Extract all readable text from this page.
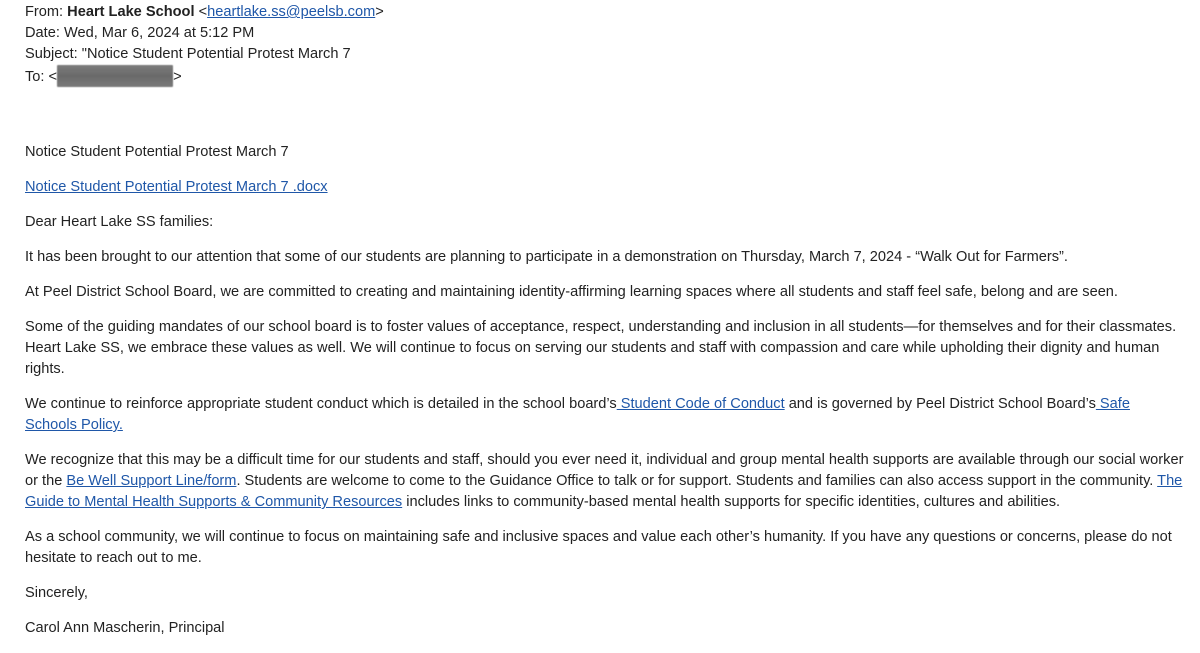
From: Heart Lake School <heartlake.ss@peelsb.com>
Date: Wed, Mar 6, 2024 at 5:12 PM
Subject: "Notice Student Potential Protest March 7
To: <	>

Notice Student Potential Protest March 7

Notice Student Potential Protest March 7 .docx

Dear Heart Lake SS families:

It has been brought to our attention that some of our students are planning to participate in a demonstration on Thursday, March 7, 2024 - “Walk Out for Farmers”.

At Peel District School Board, we are committed to creating and maintaining identity-affirming learning spaces where all students and staff feel safe, belong and are seen.

Some of the guiding mandates of our school board is to foster values of acceptance, respect, understanding and inclusion in all students—for themselves and for their classmates. Heart Lake SS, we embrace these values as well. We will continue to focus on serving our students and staff with compassion and care while upholding their dignity and human rights.

We continue to reinforce appropriate student conduct which is detailed in the school board’s Student Code of Conduct and is governed by Peel District School Board’s Safe Schools Policy.

We recognize that this may be a difficult time for our students and staff, should you ever need it, individual and group mental health supports are available through our social worker or the Be Well Support Line/form. Students are welcome to come to the Guidance Office to talk or for support. Students and families can also access support in the community. The Guide to Mental Health Supports & Community Resources includes links to community-based mental health supports for specific identities, cultures and abilities.

As a school community, we will continue to focus on maintaining safe and inclusive spaces and value each other’s humanity. If you have any questions or concerns, please do not hesitate to reach out to me.

Sincerely,

Carol Ann Mascherin, Principal
